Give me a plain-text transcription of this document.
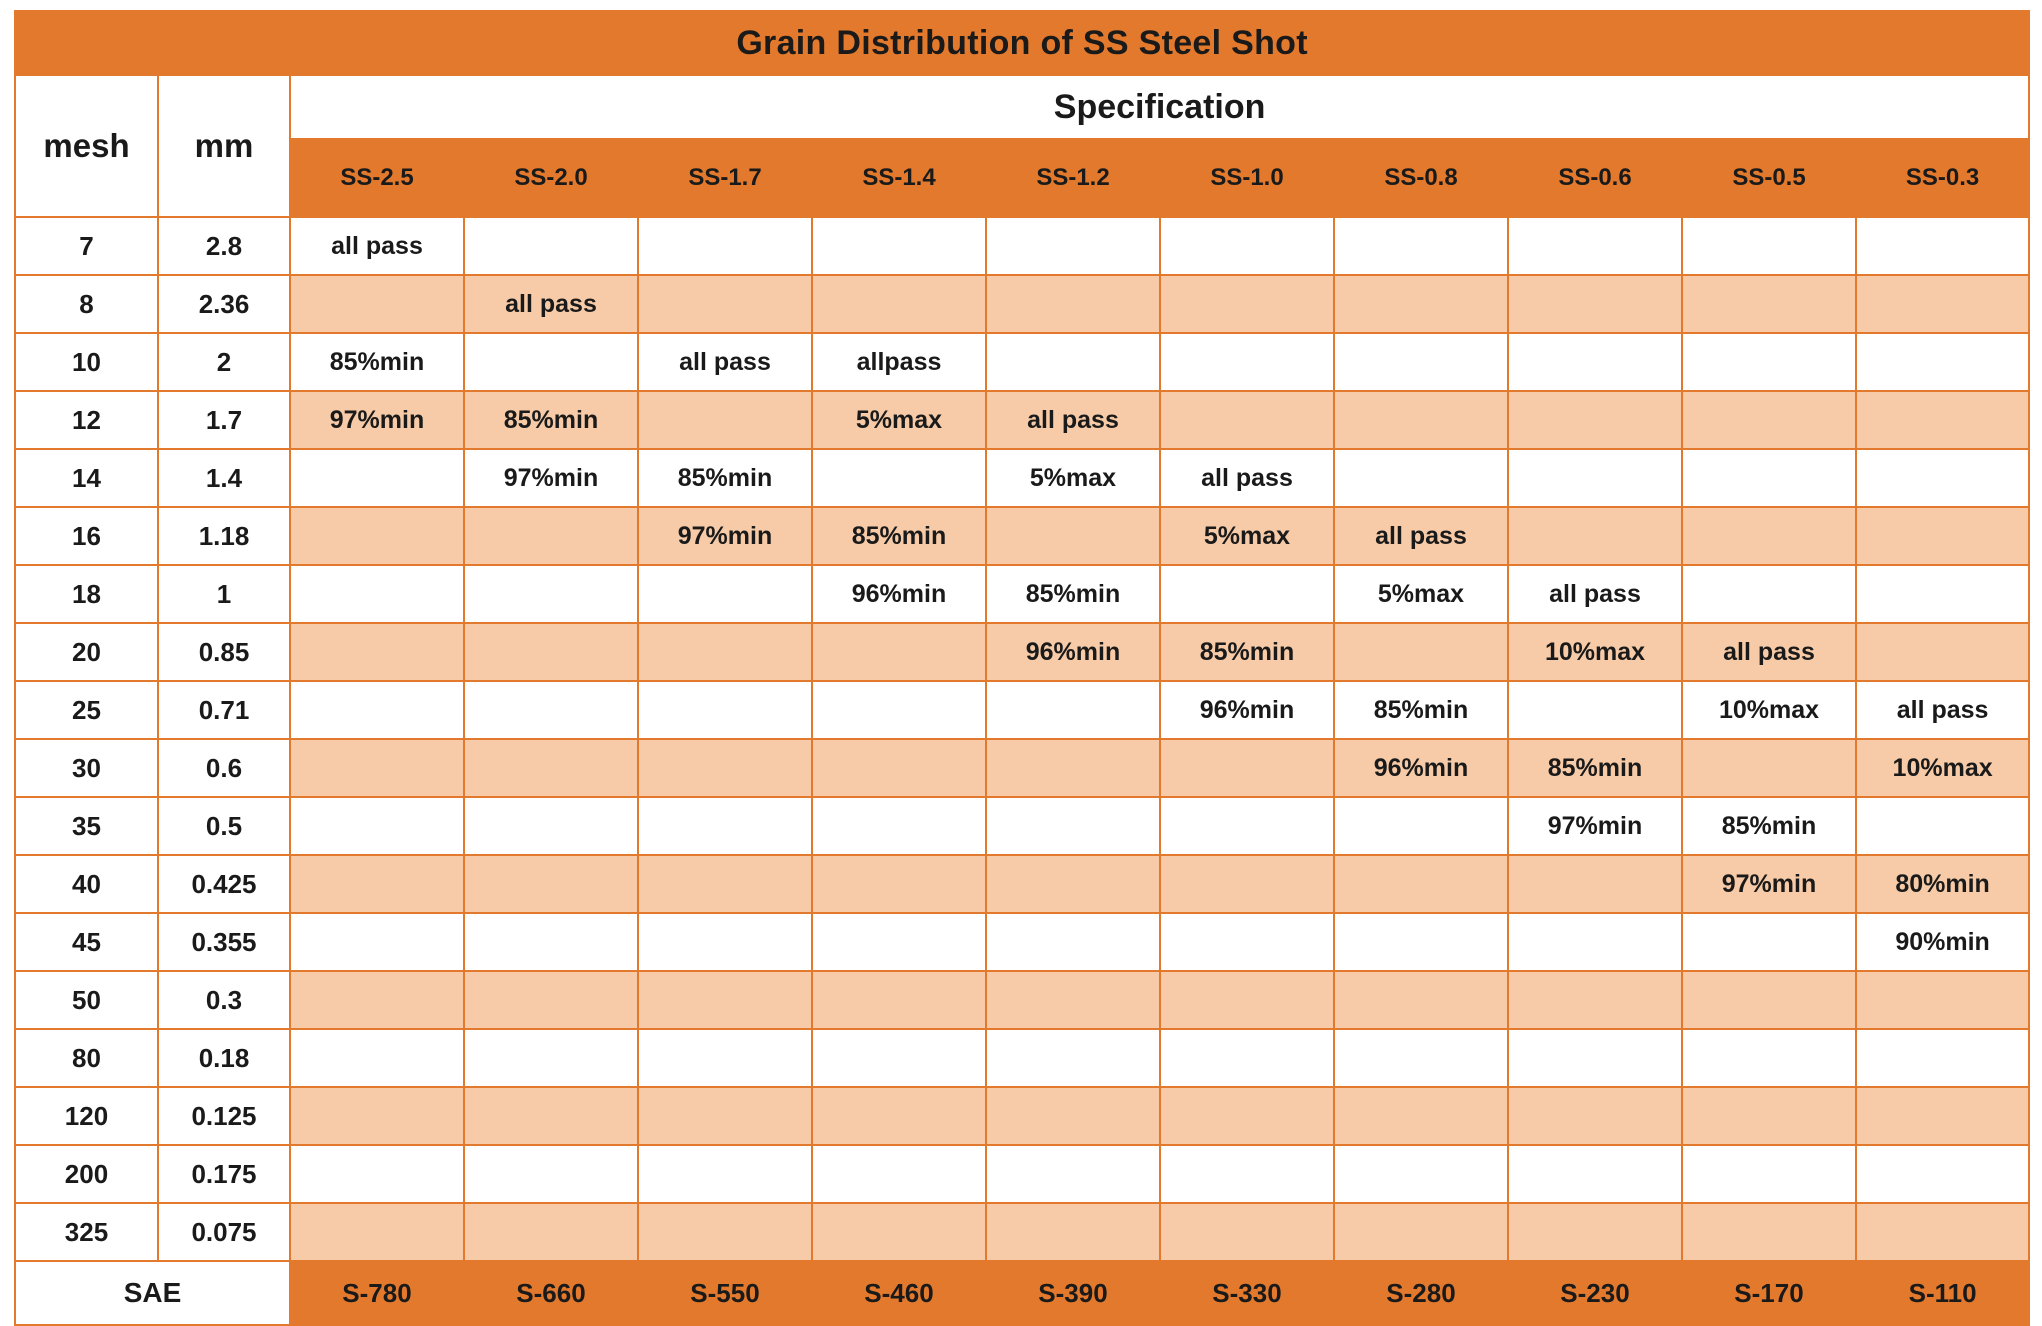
Grain Distribution of SS Steel Shot											
mesh	mm	Specification									
		SS-2.5	SS-2.0	SS-1.7	SS-1.4	SS-1.2	SS-1.0	SS-0.8	SS-0.6	SS-0.5	SS-0.3
7	2.8	all pass									
8	2.36		all pass								
10	2	85%min		all pass	allpass						
12	1.7	97%min	85%min		5%max	all pass					
14	1.4		97%min	85%min		5%max	all pass				
16	1.18			97%min	85%min		5%max	all pass			
18	1				96%min	85%min		5%max	all pass		
20	0.85					96%min	85%min		10%max	all pass	
25	0.71						96%min	85%min		10%max	all pass
30	0.6							96%min	85%min		10%max
35	0.5								97%min	85%min	
40	0.425									97%min	80%min
45	0.355										90%min
50	0.3										
80	0.18										
120	0.125										
200	0.175										
325	0.075										
SAE		S-780	S-660	S-550	S-460	S-390	S-330	S-280	S-230	S-170	S-110
